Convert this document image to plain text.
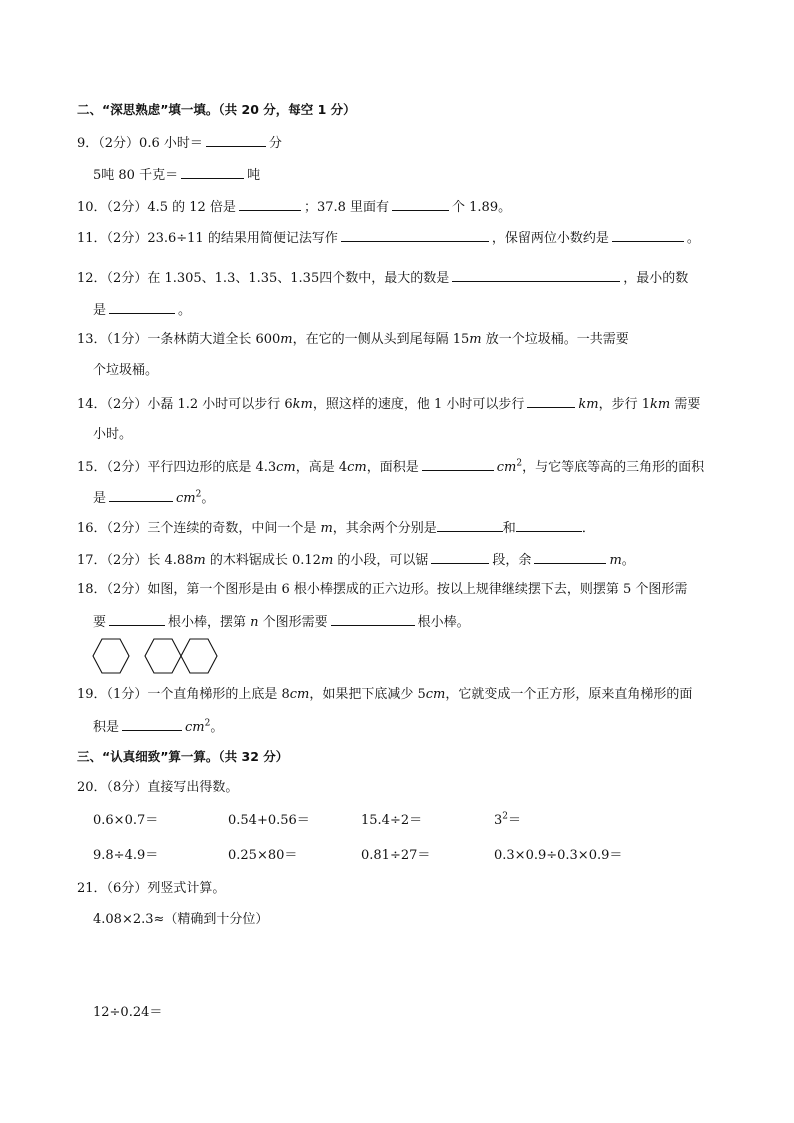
二、“深思熟虑”填一填。（共 20 分，每空 1 分）
9．（2分）0.6 小时＝	分
5吨 80 千克＝	吨
10．（2分）4.5 的 12 倍是	；37.8 里面有	个 1.89。
11．（2分）23.6÷11 的结果用简便记法写作	，保留两位小数约是	。
12．（2分）在 1.305、1.3、1.35、1.35四个数中，最大的数是	，最小的数
是	。
13．（1分）一条林荫大道全长 600m，在它的一侧从头到尾每隔 15m 放一个垃圾桶。一共需要
个垃圾桶。
14．（2分）小磊 1.2 小时可以步行 6km，照这样的速度，他 1 小时可以步行	km，步行 1km 需要
小时。
15．（2分）平行四边形的底是 4.3cm，高是 4cm，面积是	$cm^2$，与它等底等高的三角形的面积
是	$cm^2$。
16．（2分）三个连续的奇数，中间一个是 m，其余两个分别是	和	．
17．（2分）长 4.88m 的木料锯成长 0.12m 的小段，可以锯	段，余	m。
18．（2分）如图，第一个图形是由 6 根小棒摆成的正六边形。按以上规律继续摆下去，则摆第 5 个图形需
要	根小棒，摆第 n 个图形需要	根小棒。
19．（1分）一个直角梯形的上底是 8cm，如果把下底减少 5cm，它就变成一个正方形，原来直角梯形的面
积是	$cm^2$。
三、“认真细致”算一算。（共 32 分）
20．（8分）直接写出得数。
0.6×0.7＝	0.54+0.56＝	15.4÷2＝	$3^2=$
9.8÷4.9＝	0.25×80＝	0.81÷27＝	0.3×0.9÷0.3×0.9＝
21．（6分）列竖式计算。
4.08×2.3≈（精确到十分位）
12÷0.24＝
